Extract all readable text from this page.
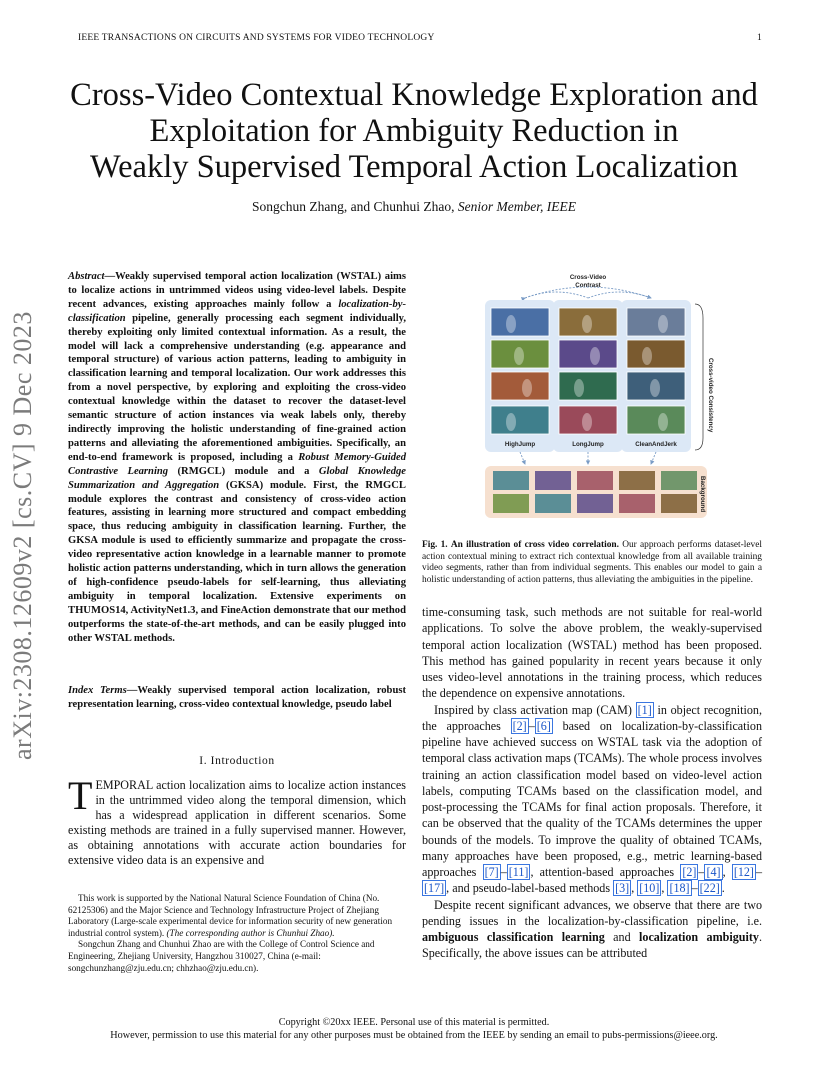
IEEE TRANSACTIONS ON CIRCUITS AND SYSTEMS FOR VIDEO TECHNOLOGY	1
arXiv:2308.12609v2 [cs.CV] 9 Dec 2023
Cross-Video Contextual Knowledge Exploration and
Exploitation for Ambiguity Reduction in
Weakly Supervised Temporal Action Localization
Songchun Zhang, and Chunhui Zhao, Senior Member, IEEE
Abstract—Weakly supervised temporal action localization (WSTAL) aims to localize actions in untrimmed videos using video-level labels. Despite recent advances, existing approaches mainly follow a localization-by-classification pipeline, generally processing each segment individually, thereby exploiting only limited contextual information. As a result, the model will lack a comprehensive understanding (e.g. appearance and temporal structure) of various action patterns, leading to ambiguity in classification learning and temporal localization. Our work addresses this from a novel perspective, by exploring and exploiting the cross-video contextual knowledge within the dataset to recover the dataset-level semantic structure of action instances via weak labels only, thereby indirectly improving the holistic understanding of fine-grained action patterns and alleviating the aforementioned ambiguities. Specifically, an end-to-end framework is proposed, including a Robust Memory-Guided Contrastive Learning (RMGCL) module and a Global Knowledge Summarization and Aggregation (GKSA) module. First, the RMGCL module explores the contrast and consistency of cross-video action features, assisting in learning more structured and compact embedding space, thus reducing ambiguity in classification learning. Further, the GKSA module is used to efficiently summarize and propagate the cross-video representative action knowledge in a learnable manner to promote holistic action patterns understanding, which in turn allows the generation of high-confidence pseudo-labels for self-learning, thus alleviating ambiguity in temporal localization. Extensive experiments on THUMOS14, ActivityNet1.3, and FineAction demonstrate that our method outperforms the state-of-the-art methods, and can be easily plugged into other WSTAL methods.
Index Terms—Weakly supervised temporal action localization, robust representation learning, cross-video contextual knowledge, pseudo label
I. Introduction
TEMPORAL action localization aims to localize action instances in the untrimmed video along the temporal dimension, which has a widespread application in different scenarios. Some existing methods are trained in a fully supervised manner. However, as obtaining annotations with accurate action boundaries for extensive video data is an expensive and

This work is supported by the National Natural Science Foundation of China (No. 62125306) and the Major Science and Technology Infrastructure Project of Zhejiang Laboratory (Large-scale experimental device for information security of new generation industrial control system). (The corresponding author is Chunhui Zhao).

Songchun Zhang and Chunhui Zhao are with the College of Control Science and Engineering, Zhejiang University, Hangzhou 310027, China (e-mail: songchunzhang@zju.edu.cn; chhzhao@zju.edu.cn).

Cross-Video
Contrast
HighJump	LongJump	CleanAndJerk
Cross-video Consistency
Background
Fig. 1. An illustration of cross video correlation. Our approach performs dataset-level action contextual mining to extract rich contextual knowledge from all available training video segments, rather than from individual segments. This enables our model to gain a holistic understanding of action patterns, thus alleviating the ambiguities in the pipeline.

time-consuming task, such methods are not suitable for real-world applications. To solve the above problem, the weakly-supervised temporal action localization (WSTAL) method has been proposed. This method has gained popularity in recent years because it only uses video-level annotations in the training process, which reduces the dependence on expensive annotations.

Inspired by class activation map (CAM) [1] in object recognition, the approaches [2] – [6] based on localization-by-classification pipeline have achieved success on WSTAL task via the adoption of temporal class activation maps (TCAMs). The whole process involves training an action classification model based on video-level action labels, computing TCAMs based on the classification model, and post-processing the TCAMs for final action proposals. Therefore, it can be observed that the quality of the TCAMs determines the upper bounds of the models. To improve the quality of obtained TCAMs, many approaches have been proposed, e.g., metric learning-based approaches [7] – [11] , attention-based approaches [2] – [4] , [12] –[17] , and pseudo-label-based methods [3] , [10] , [18] – [22] .

Despite recent significant advances, we observe that there are two pending issues in the localization-by-classification pipeline, i.e. ambiguous classification learning and localization ambiguity. Specifically, the above issues can be attributed

Copyright ©20xx IEEE. Personal use of this material is permitted.
However, permission to use this material for any other purposes must be obtained from the IEEE by sending an email to pubs-permissions@ieee.org.
